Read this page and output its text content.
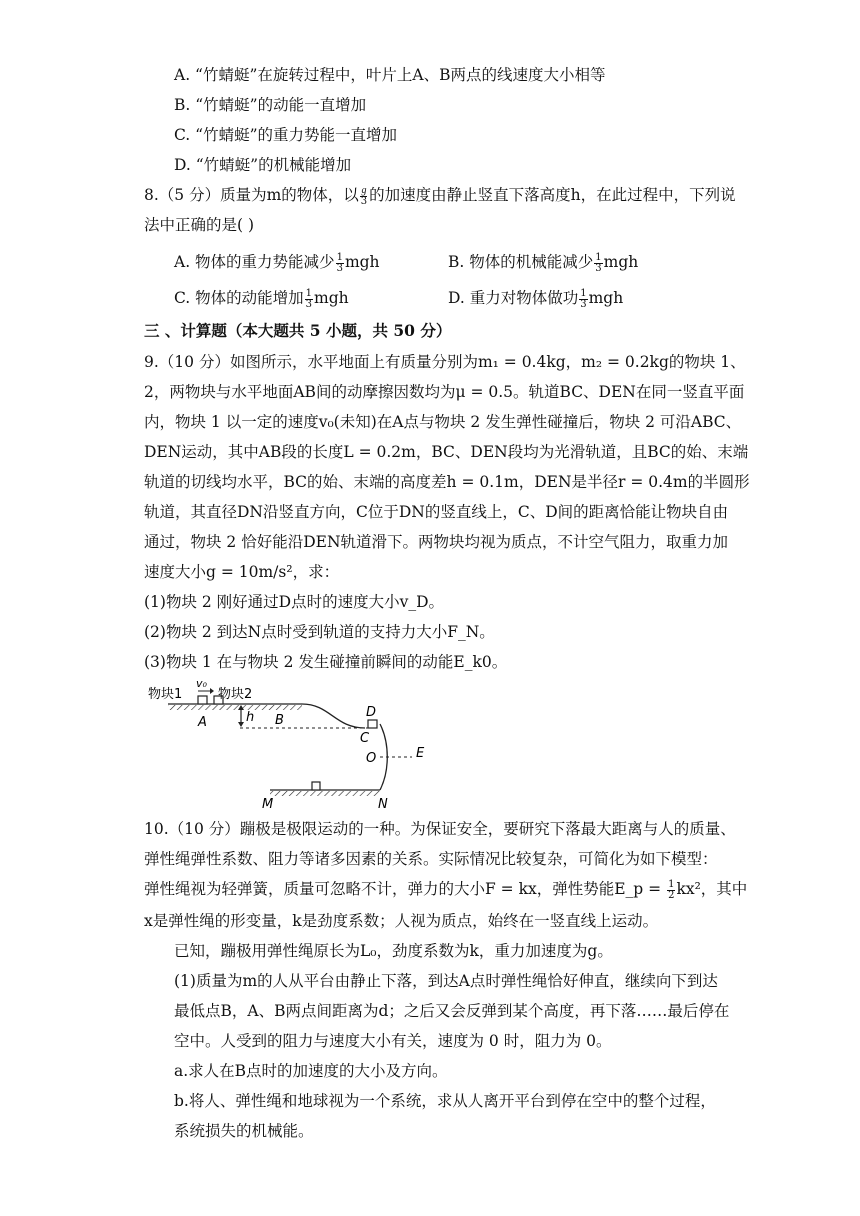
A. “竹蜻蜓”在旋转过程中，叶片上A、B两点的线速度大小相等
B. “竹蜻蜓”的动能一直增加
C. “竹蜻蜓”的重力势能一直增加
D. “竹蜻蜓”的机械能增加
8.（5 分）质量为m的物体，以 $\frac{g}{3}$ 的加速度由静止竖直下落高度h，在此过程中，下列说
法中正确的是( )
A. 物体的重力势能减少 $\frac{1}{3}$ mgh	B. 物体的机械能减少 $\frac{1}{3}$ mgh
C. 物体的动能增加 $\frac{1}{3}$ mgh	D. 重力对物体做功 $\frac{1}{3}$ mgh
三 、计算题（本大题共 5 小题，共 50 分）
9.（10 分）如图所示，水平地面上有质量分别为m₁ = 0.4kg，m₂ = 0.2kg的物块 1、
2，两物块与水平地面AB间的动摩擦因数均为μ = 0.5。轨道BC、DEN在同一竖直平面
内，物块 1 以一定的速度v₀(未知)在A点与物块 2 发生弹性碰撞后，物块 2 可沿ABC、
DEN运动，其中AB段的长度L = 0.2m，BC、DEN段均为光滑轨道，且BC的始、末端
轨道的切线均水平，BC的始、末端的高度差h = 0.1m，DEN是半径r = 0.4m的半圆形
轨道，其直径DN沿竖直方向，C位于DN的竖直线上，C、D间的距离恰能让物块自由
通过，物块 2 恰好能沿DEN轨道滑下。两物块均视为质点，不计空气阻力，取重力加
速度大小g = 10m/s²，求：
(1)物块 2 刚好通过D点时的速度大小v_D。
(2)物块 2 到达N点时受到轨道的支持力大小F_N。
(3)物块 1 在与物块 2 发生碰撞前瞬间的动能E_k0。
物块1
v₀
物块2
A	h B
D
C
O	E
M	N
10.（10 分）蹦极是极限运动的一种。为保证安全，要研究下落最大距离与人的质量、
弹性绳弹性系数、阻力等诸多因素的关系。实际情况比较复杂，可简化为如下模型：
弹性绳视为轻弹簧，质量可忽略不计，弹力的大小F = kx，弹性势能E_p = $\frac{1}{2} kx^2$，其中
x是弹性绳的形变量，k是劲度系数；人视为质点，始终在一竖直线上运动。
已知，蹦极用弹性绳原长为L₀，劲度系数为k，重力加速度为g。
(1)质量为m的人从平台由静止下落，到达A点时弹性绳恰好伸直，继续向下到达
最低点B，A、B两点间距离为d；之后又会反弹到某个高度，再下落……最后停在
空中。人受到的阻力与速度大小有关，速度为 0 时，阻力为 0。
a.求人在B点时的加速度的大小及方向。
b.将人、弹性绳和地球视为一个系统，求从人离开平台到停在空中的整个过程，
系统损失的机械能。
